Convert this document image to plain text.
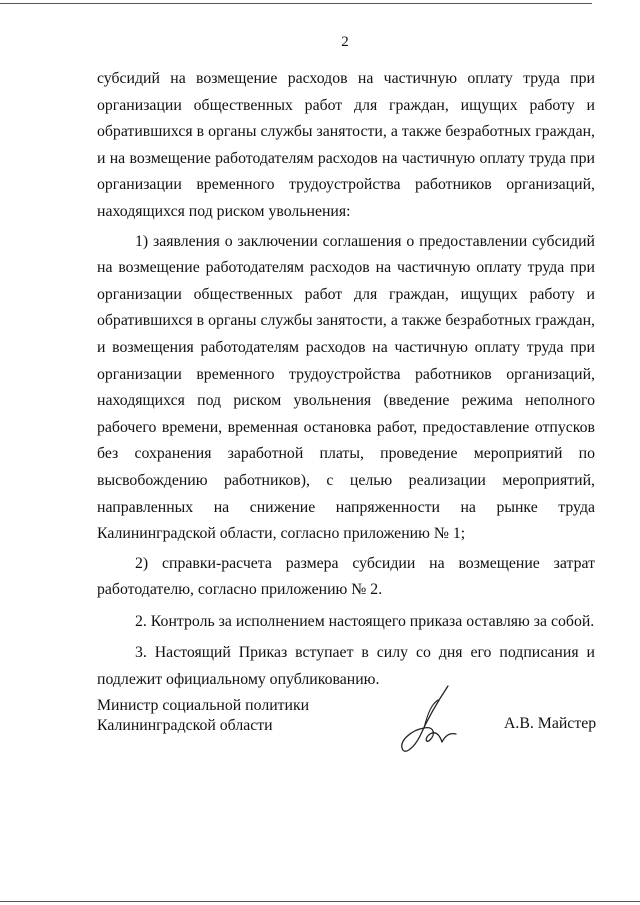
2

субсидий на возмещение расходов на частичную оплату труда при организации общественных работ для граждан, ищущих работу и обратившихся в органы службы занятости, а также безработных граждан, и на возмещение работодателям расходов на частичную оплату труда при организации временного трудоустройства работников организаций, находящихся под риском увольнения:

1) заявления о заключении соглашения о предоставлении субсидий на возмещение работодателям расходов на частичную оплату труда при организации общественных работ для граждан, ищущих работу и обратившихся в органы службы занятости, а также безработных граждан, и возмещения работодателям расходов на частичную оплату труда при организации временного трудоустройства работников организаций, находящихся под риском увольнения (введение режима неполного рабочего времени, временная остановка работ, предоставление отпусков без сохранения заработной платы, проведение мероприятий по высвобождению работников), с целью реализации мероприятий, направленных на снижение напряженности на рынке труда Калининградской области, согласно приложению № 1;

2) справки-расчета размера субсидии на возмещение затрат работодателю, согласно приложению № 2.

2. Контроль за исполнением настоящего приказа оставляю за собой.

3. Настоящий Приказ вступает в силу со дня его подписания и подлежит официальному опубликованию.

Министр социальной политики
Калининградской области	А.В. Майстер
